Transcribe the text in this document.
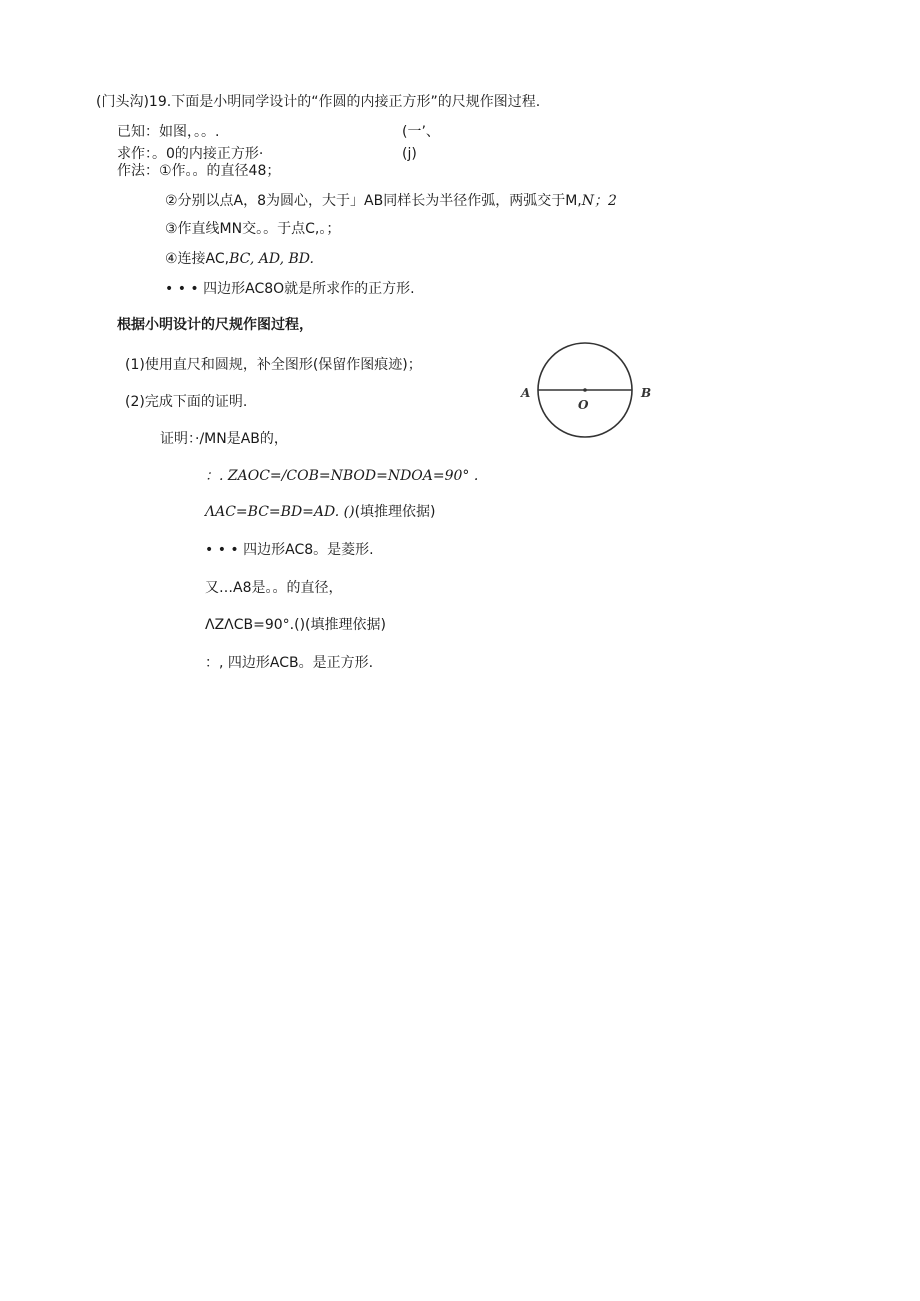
(门头沟)19.下面是小明同学设计的“作圆的内接正方形”的尺规作图过程.
已知：如图，。。.	(一’、
求作：。0的内接正方形·	(j)
作法：①作。。的直径48；
②分别以点A，8为圆心，大于」AB同样长为半径作弧，两弧交于M,N；2
③作直线MN交。。于点C,。；
④连接AC,BC, AD, BD.
• • • 四边形AC8O就是所求作的正方形.
根据小明设计的尺规作图过程，
(1)使用直尺和圆规，补全图形(保留作图痕迹)；
(2)完成下面的证明.
证明：·/MN是AB的，
：. ZAOC=/COB=NBOD=NDOA=90° .
ΛAC=BC=BD=AD. ()(填推理依据)
• • • 四边形AC8。是菱形.
又…A8是。。的直径，
ΛZΛCB=90°.()(填推理依据)
：, 四边形ACB。是正方形.
A	B
O
